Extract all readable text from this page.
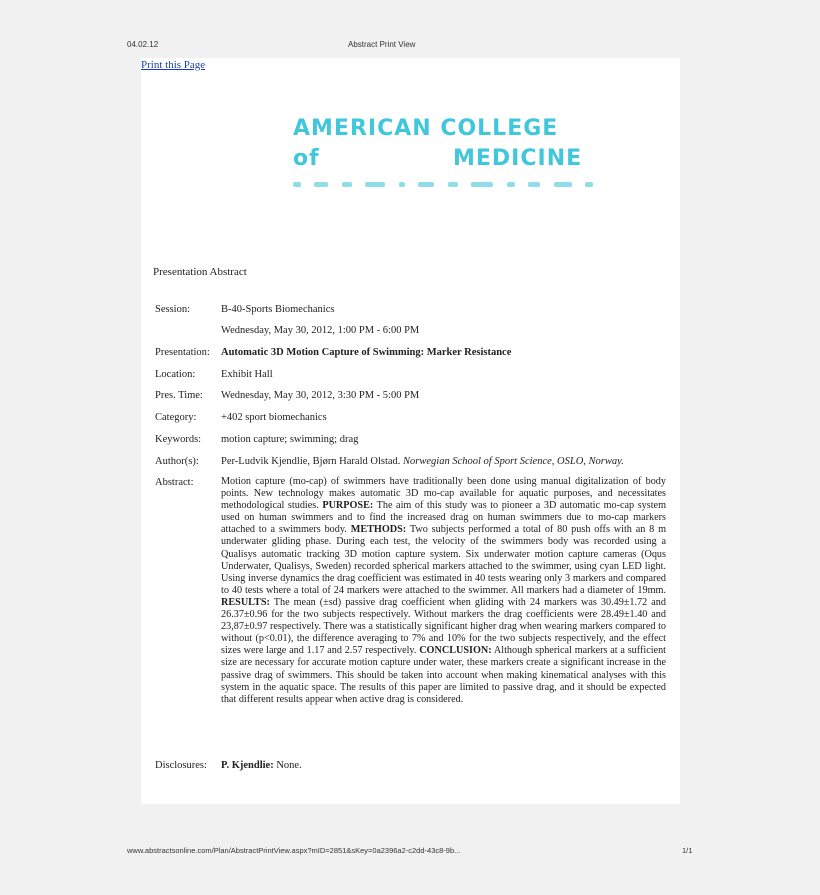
04.02.12	Abstract Print View
Print this Page
AMERICAN COLLEGE
of	MEDICINE
Presentation Abstract
Session:	B-40-Sports Biomechanics
Wednesday, May 30, 2012, 1:00 PM - 6:00 PM
Presentation:	Automatic 3D Motion Capture of Swimming: Marker Resistance
Location:	Exhibit Hall
Pres. Time:	Wednesday, May 30, 2012, 3:30 PM - 5:00 PM
Category:	+402 sport biomechanics
Keywords:	motion capture; swimming; drag
Author(s):	Per-Ludvik Kjendlie, Bjørn Harald Olstad. Norwegian School of Sport Science, OSLO, Norway.
Abstract:	Motion capture (mo-cap) of swimmers have traditionally been done using manual digitalization of body points. New technology makes automatic 3D mo-cap available for aquatic purposes, and necessitates methodological studies. PURPOSE: The aim of this study was to pioneer a 3D automatic mo-cap system used on human swimmers and to find the increased drag on human swimmers due to mo-cap markers attached to a swimmers body. METHODS: Two subjects performed a total of 80 push offs with an 8 m underwater gliding phase. During each test, the velocity of the swimmers body was recorded using a Qualisys automatic tracking 3D motion capture system. Six underwater motion capture cameras (Oqus Underwater, Qualisys, Sweden) recorded spherical markers attached to the swimmer, using cyan LED light. Using inverse dynamics the drag coefficient was estimated in 40 tests wearing only 3 markers and compared to 40 tests where a total of 24 markers were attached to the swimmer. All markers had a diameter of 19mm. RESULTS: The mean (±sd) passive drag coefficient when gliding with 24 markers was 30.49±1.72 and 26.37±0.96 for the two subjects respectively. Without markers the drag coefficients were 28.49±1.40 and 23,87±0.97 respectively. There was a statistically significant higher drag when wearing markers compared to without (p<0.01), the difference averaging to 7% and 10% for the two subjects respectively, and the effect sizes were large and 1.17 and 2.57 respectively. CONCLUSION: Although spherical markers at a sufficient size are necessary for accurate motion capture under water, these markers create a significant increase in the passive drag of swimmers. This should be taken into account when making kinematical analyses with this system in the aquatic space. The results of this paper are limited to passive drag, and it should be expected that different results appear when active drag is considered.
Disclosures:	P. Kjendlie: None.
www.abstractsonline.com/Plan/AbstractPrintView.aspx?mID=2851&sKey=0a2396a2-c2dd-43c8-9b...	1/1
